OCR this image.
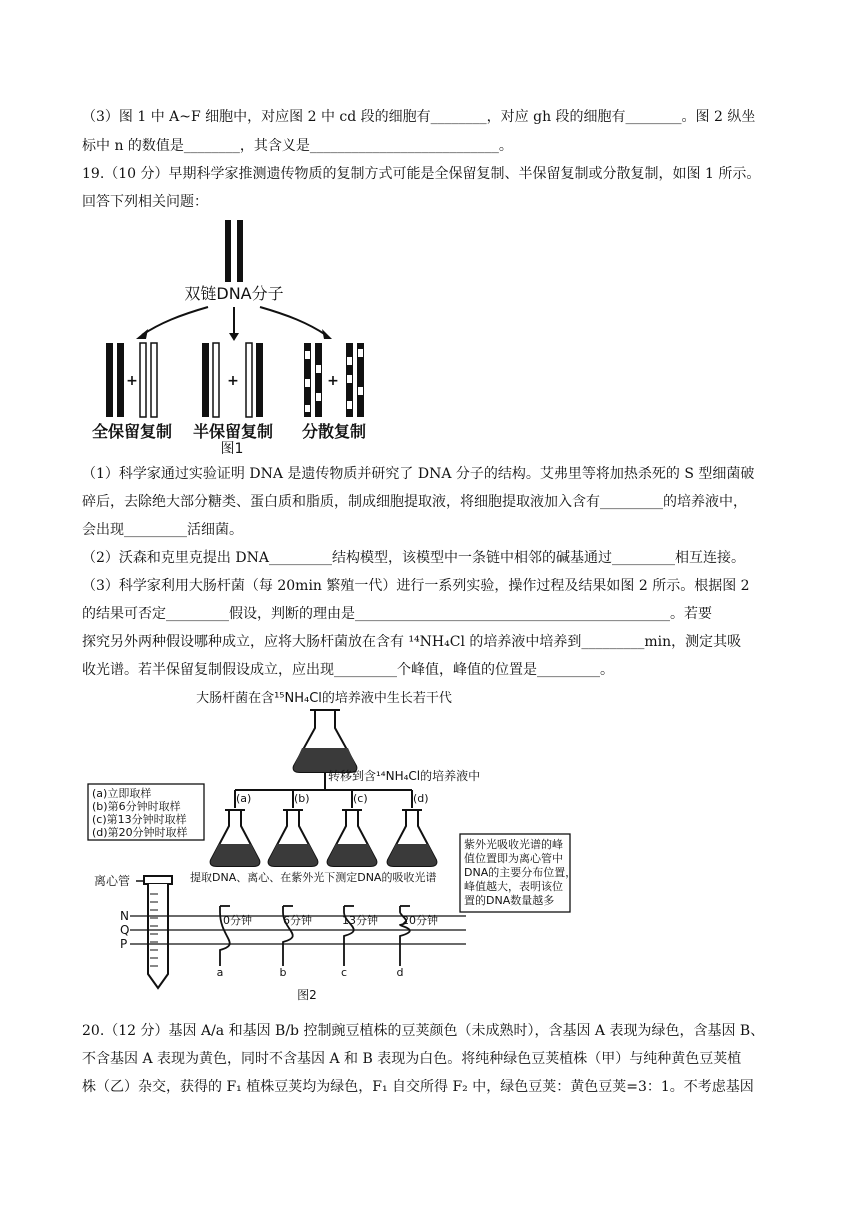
（3）图 1 中 A~F 细胞中，对应图 2 中 cd 段的细胞有________，对应 gh 段的细胞有________。图 2 纵坐
标中 n 的数值是________，其含义是___________________________。
19.（10 分）早期科学家推测遗传物质的复制方式可能是全保留复制、半保留复制或分散复制，如图 1 所示。
回答下列相关问题：
双链DNA分子
+	+	+
全保留复制 半保留复制 分散复制
图1
（1）科学家通过实验证明 DNA 是遗传物质并研究了 DNA 分子的结构。艾弗里等将加热杀死的 S 型细菌破
碎后，去除绝大部分糖类、蛋白质和脂质，制成细胞提取液，将细胞提取液加入含有_________的培养液中，
会出现_________活细菌。
（2）沃森和克里克提出 DNA_________结构模型，该模型中一条链中相邻的碱基通过_________相互连接。
（3）科学家利用大肠杆菌（每 20min 繁殖一代）进行一系列实验，操作过程及结果如图 2 所示。根据图 2
的结果可否定_________假设，判断的理由是_____________________________________________。若要
探究另外两种假设哪种成立，应将大肠杆菌放在含有 ¹⁴NH₄Cl 的培养液中培养到_________min，测定其吸
收光谱。若半保留复制假设成立，应出现_________个峰值，峰值的位置是_________。
大肠杆菌在含¹⁵NH₄Cl的培养液中生长若干代
转移到含¹⁴NH₄Cl的培养液中
(a)	(b)	(c)	(d)
(a)立即取样
(b)第6分钟时取样
(c)第13分钟时取样
(d)第20分钟时取样
提取DNA、离心、在紫外光下测定DNA的吸收光谱
紫外光吸收光谱的峰
值位置即为离心管中
DNA的主要分布位置，
峰值越大，表明该位
置的DNA数量越多
离心管
N
Q
P
0分钟	6分钟	13分钟 20分钟
a	b	c	d
图2
20.（12 分）基因 A/a 和基因 B/b 控制豌豆植株的豆荚颜色（未成熟时），含基因 A 表现为绿色，含基因 B、
不含基因 A 表现为黄色，同时不含基因 A 和 B 表现为白色。将纯种绿色豆荚植株（甲）与纯种黄色豆荚植
株（乙）杂交，获得的 F₁ 植株豆荚均为绿色，F₁ 自交所得 F₂ 中，绿色豆荚：黄色豆荚=3：1。不考虑基因
